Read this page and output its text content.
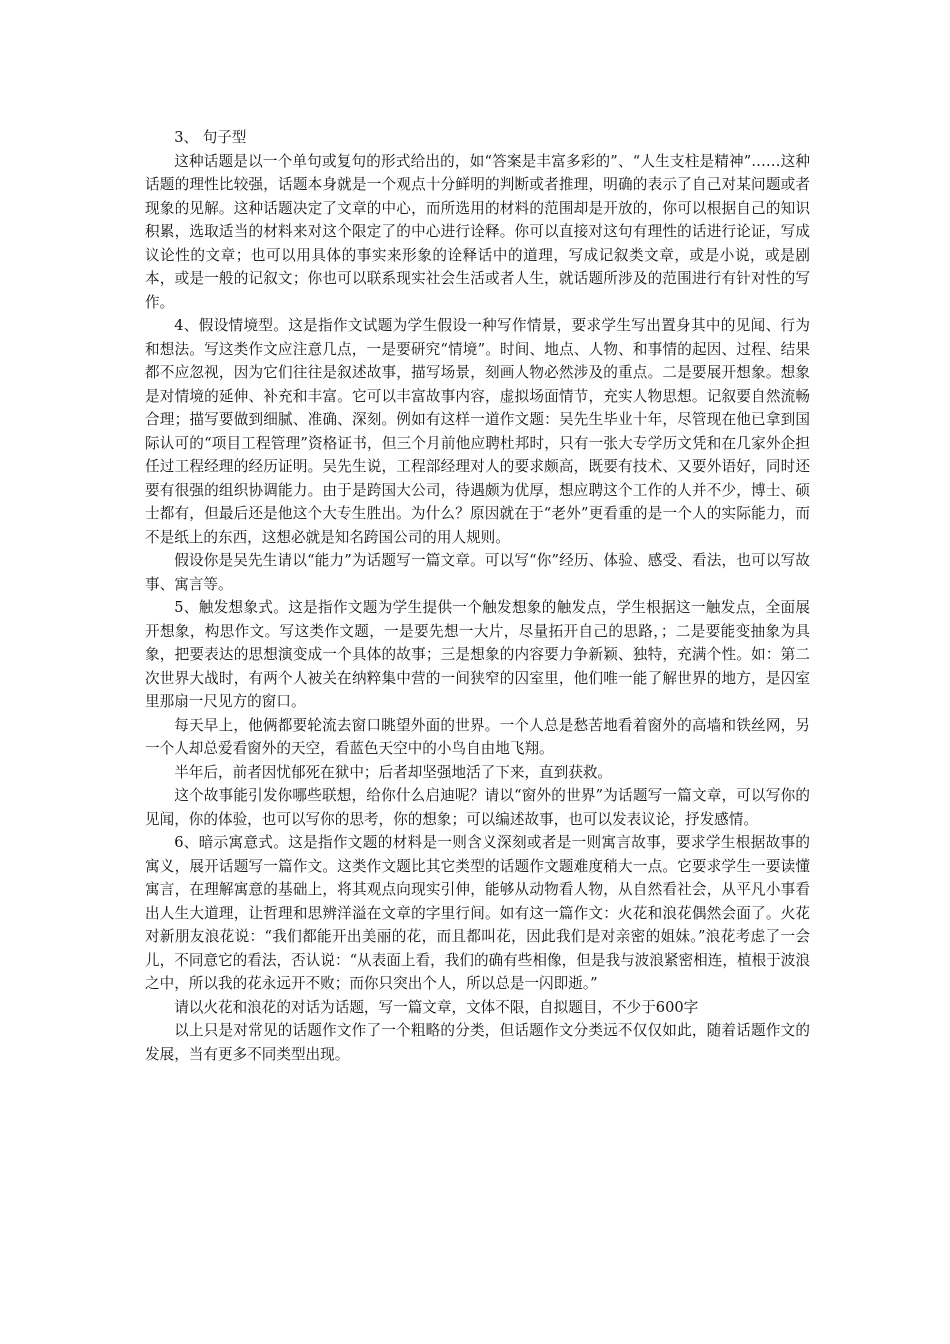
3、 句子型

这种话题是以一个单句或复句的形式给出的，如“答案是丰富多彩的”、“人生支柱是精神”……这种话题的理性比较强，话题本身就是一个观点十分鲜明的判断或者推理，明确的表示了自己对某问题或者现象的见解。这种话题决定了文章的中心，而所选用的材料的范围却是开放的，你可以根据自己的知识积累，选取适当的材料来对这个限定了的中心进行诠释。你可以直接对这句有理性的话进行论证，写成议论性的文章；也可以用具体的事实来形象的诠释话中的道理，写成记叙类文章，或是小说，或是剧本，或是一般的记叙文；你也可以联系现实社会生活或者人生，就话题所涉及的范围进行有针对性的写作。

4、假设情境型。这是指作文试题为学生假设一种写作情景，要求学生写出置身其中的见闻、行为和想法。写这类作文应注意几点，一是要研究“情境”。时间、地点、人物、和事情的起因、过程、结果都不应忽视，因为它们往往是叙述故事，描写场景，刻画人物必然涉及的重点。二是要展开想象。想象是对情境的延伸、补充和丰富。它可以丰富故事内容，虚拟场面情节，充实人物思想。记叙要自然流畅合理；描写要做到细腻、准确、深刻。例如有这样一道作文题：吴先生毕业十年，尽管现在他已拿到国际认可的“项目工程管理”资格证书，但三个月前他应聘杜邦时，只有一张大专学历文凭和在几家外企担任过工程经理的经历证明。吴先生说，工程部经理对人的要求颇高，既要有技术、又要外语好，同时还要有很强的组织协调能力。由于是跨国大公司，待遇颇为优厚，想应聘这个工作的人并不少，博士、硕士都有，但最后还是他这个大专生胜出。为什么？原因就在于“老外”更看重的是一个人的实际能力，而不是纸上的东西，这想必就是知名跨国公司的用人规则。

假设你是吴先生请以“能力”为话题写一篇文章。可以写“你”经历、体验、感受、看法，也可以写故事、寓言等。

5、触发想象式。这是指作文题为学生提供一个触发想象的触发点，学生根据这一触发点，全面展开想象，构思作文。写这类作文题，一是要先想一大片，尽量拓开自己的思路，；二是要能变抽象为具象，把要表达的思想演变成一个具体的故事；三是想象的内容要力争新颖、独特，充满个性。如：第二次世界大战时，有两个人被关在纳粹集中营的一间狭窄的囚室里，他们唯一能了解世界的地方，是囚室里那扇一尺见方的窗口。

每天早上，他俩都要轮流去窗口眺望外面的世界。一个人总是愁苦地看着窗外的高墙和铁丝网，另一个人却总爱看窗外的天空，看蓝色天空中的小鸟自由地飞翔。

半年后，前者因忧郁死在狱中；后者却坚强地活了下来，直到获救。

这个故事能引发你哪些联想，给你什么启迪呢？请以“窗外的世界”为话题写一篇文章，可以写你的见闻，你的体验，也可以写你的思考，你的想象；可以编述故事，也可以发表议论，抒发感情。

6、暗示寓意式。这是指作文题的材料是一则含义深刻或者是一则寓言故事，要求学生根据故事的寓义，展开话题写一篇作文。这类作文题比其它类型的话题作文题难度稍大一点。它要求学生一要读懂寓言，在理解寓意的基础上，将其观点向现实引伸，能够从动物看人物，从自然看社会，从平凡小事看出人生大道理，让哲理和思辨洋溢在文章的字里行间。如有这一篇作文：火花和浪花偶然会面了。火花对新朋友浪花说：“我们都能开出美丽的花，而且都叫花，因此我们是对亲密的姐妹。”浪花考虑了一会儿，不同意它的看法，否认说：“从表面上看，我们的确有些相像，但是我与波浪紧密相连，植根于波浪之中，所以我的花永远开不败；而你只突出个人，所以总是一闪即逝。”

请以火花和浪花的对话为话题，写一篇文章，文体不限，自拟题目，不少于600字

以上只是对常见的话题作文作了一个粗略的分类，但话题作文分类远不仅仅如此，随着话题作文的发展，当有更多不同类型出现。
